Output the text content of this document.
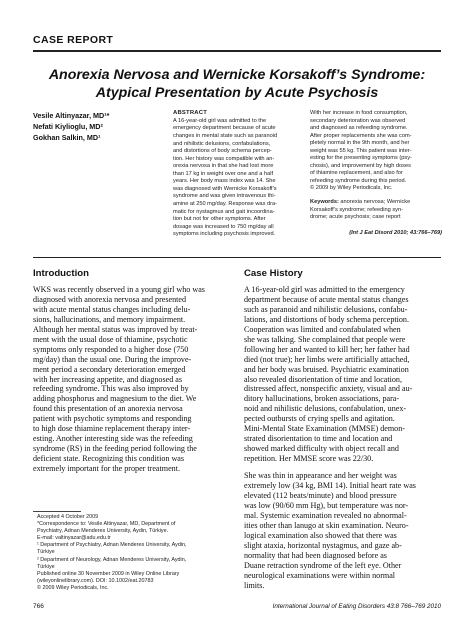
CASE REPORT
Anorexia Nervosa and Wernicke Korsakoff’s Syndrome:
Atypical Presentation by Acute Psychosis
Vesile Altinyazar, MD¹*
Nefati Kiylioglu, MD²
Gokhan Salkin, MD¹
ABSTRACT
A 16-year-old girl was admitted to the
emergency department because of acute
changes in mental state such as paranoid
and nihilistic delusions, confabulations,
and distortions of body schema percep-
tion. Her history was compatible with an-
orexia nervosa in that she had lost more
than 17 kg in weight over one and a half
years. Her body mass index was 14. She
was diagnosed with Wernicke Korsakoff’s
syndrome and was given intravenous thi-
amine at 250 mg/day. Response was dra-
matic for nystagmus and gait incoordina-
tion but not for other symptoms. After
dosage was increased to 750 mg/day all
symptoms including psychosis improved.
With her increase in food consumption,
secondary deterioration was observed
and diagnosed as refeeding syndrome.
After proper replacements she was com-
pletely normal in the 9th month, and her
weight was 55 kg. This patient was inter-
esting for the presenting symptoms (psy-
chosis), and improvement by high doses
of thiamine replacement, and also for
refeeding syndrome during this period.
© 2009 by Wiley Periodicals, Inc.
Keywords: anorexia nervosa; Wernicke
Korsakoff’s syndrome; refeeding syn-
drome; acute psychosis; case report
(Int J Eat Disord 2010; 43:766–769)
Introduction
WKS was recently observed in a young girl who was
diagnosed with anorexia nervosa and presented
with acute mental status changes including delu-
sions, hallucinations, and memory impairment.
Although her mental status was improved by treat-
ment with the usual dose of thiamine, psychotic
symptoms only responded to a higher dose (750
mg/day) than the usual one. During the improve-
ment period a secondary deterioration emerged
with her increasing appetite, and diagnosed as
refeeding syndrome. This was also improved by
adding phosphorus and magnesium to the diet. We
found this presentation of an anorexia nervosa
patient with psychotic symptoms and responding
to high dose thiamine replacement therapy inter-
esting. Another interesting side was the refeeding
syndrome (RS) in the feeding period following the
deficient state. Recognizing this condition was
extremely important for the proper treatment.
Accepted 4 October 2009
*Correspondence to: Vesile Altinyazar, MD, Department of
Psychiatry, Adnan Menderes University, Aydin, Türkiye.
E-mail: valtinyazar@adu.edu.tr
¹ Department of Psychiatry, Adnan Menderes University, Aydin,
Türkiye
² Department of Neurology, Adnan Menderes University, Aydin,
Türkiye
Published online 30 November 2009 in Wiley Online Library
(wileyonlinelibrary.com). DOI: 10.1002/eat.20783
© 2009 Wiley Periodicals, Inc.
Case History
A 16-year-old girl was admitted to the emergency
department because of acute mental status changes
such as paranoid and nihilistic delusions, confabu-
lations, and distortions of body schema perception.
Cooperation was limited and confabulated when
she was talking. She complained that people were
following her and wanted to kill her; her father had
died (not true); her limbs were artificially attached,
and her body was bruised. Psychiatric examination
also revealed disorientation of time and location,
distressed affect, nonspecific anxiety, visual and au-
ditory hallucinations, broken associations, para-
noid and nihilistic delusions, confabulation, unex-
pected outbursts of crying spells and agitation.
Mini-Mental State Examination (MMSE) demon-
strated disorientation to time and location and
showed marked difficulty with object recall and
repetition. Her MMSE score was 22/30.
She was thin in appearance and her weight was
extremely low (34 kg, BMI 14). Initial heart rate was
elevated (112 beats/minute) and blood pressure
was low (90/60 mm Hg), but temperature was nor-
mal. Systemic examination revealed no abnormal-
ities other than lanugo at skin examination. Neuro-
logical examination also showed that there was
slight ataxia, horizontal nystagmus, and gaze ab-
normality that had been diagnosed before as
Duane retraction syndrome of the left eye. Other
neurological examinations were within normal
limits.
766	International Journal of Eating Disorders 43:8 766–769 2010
